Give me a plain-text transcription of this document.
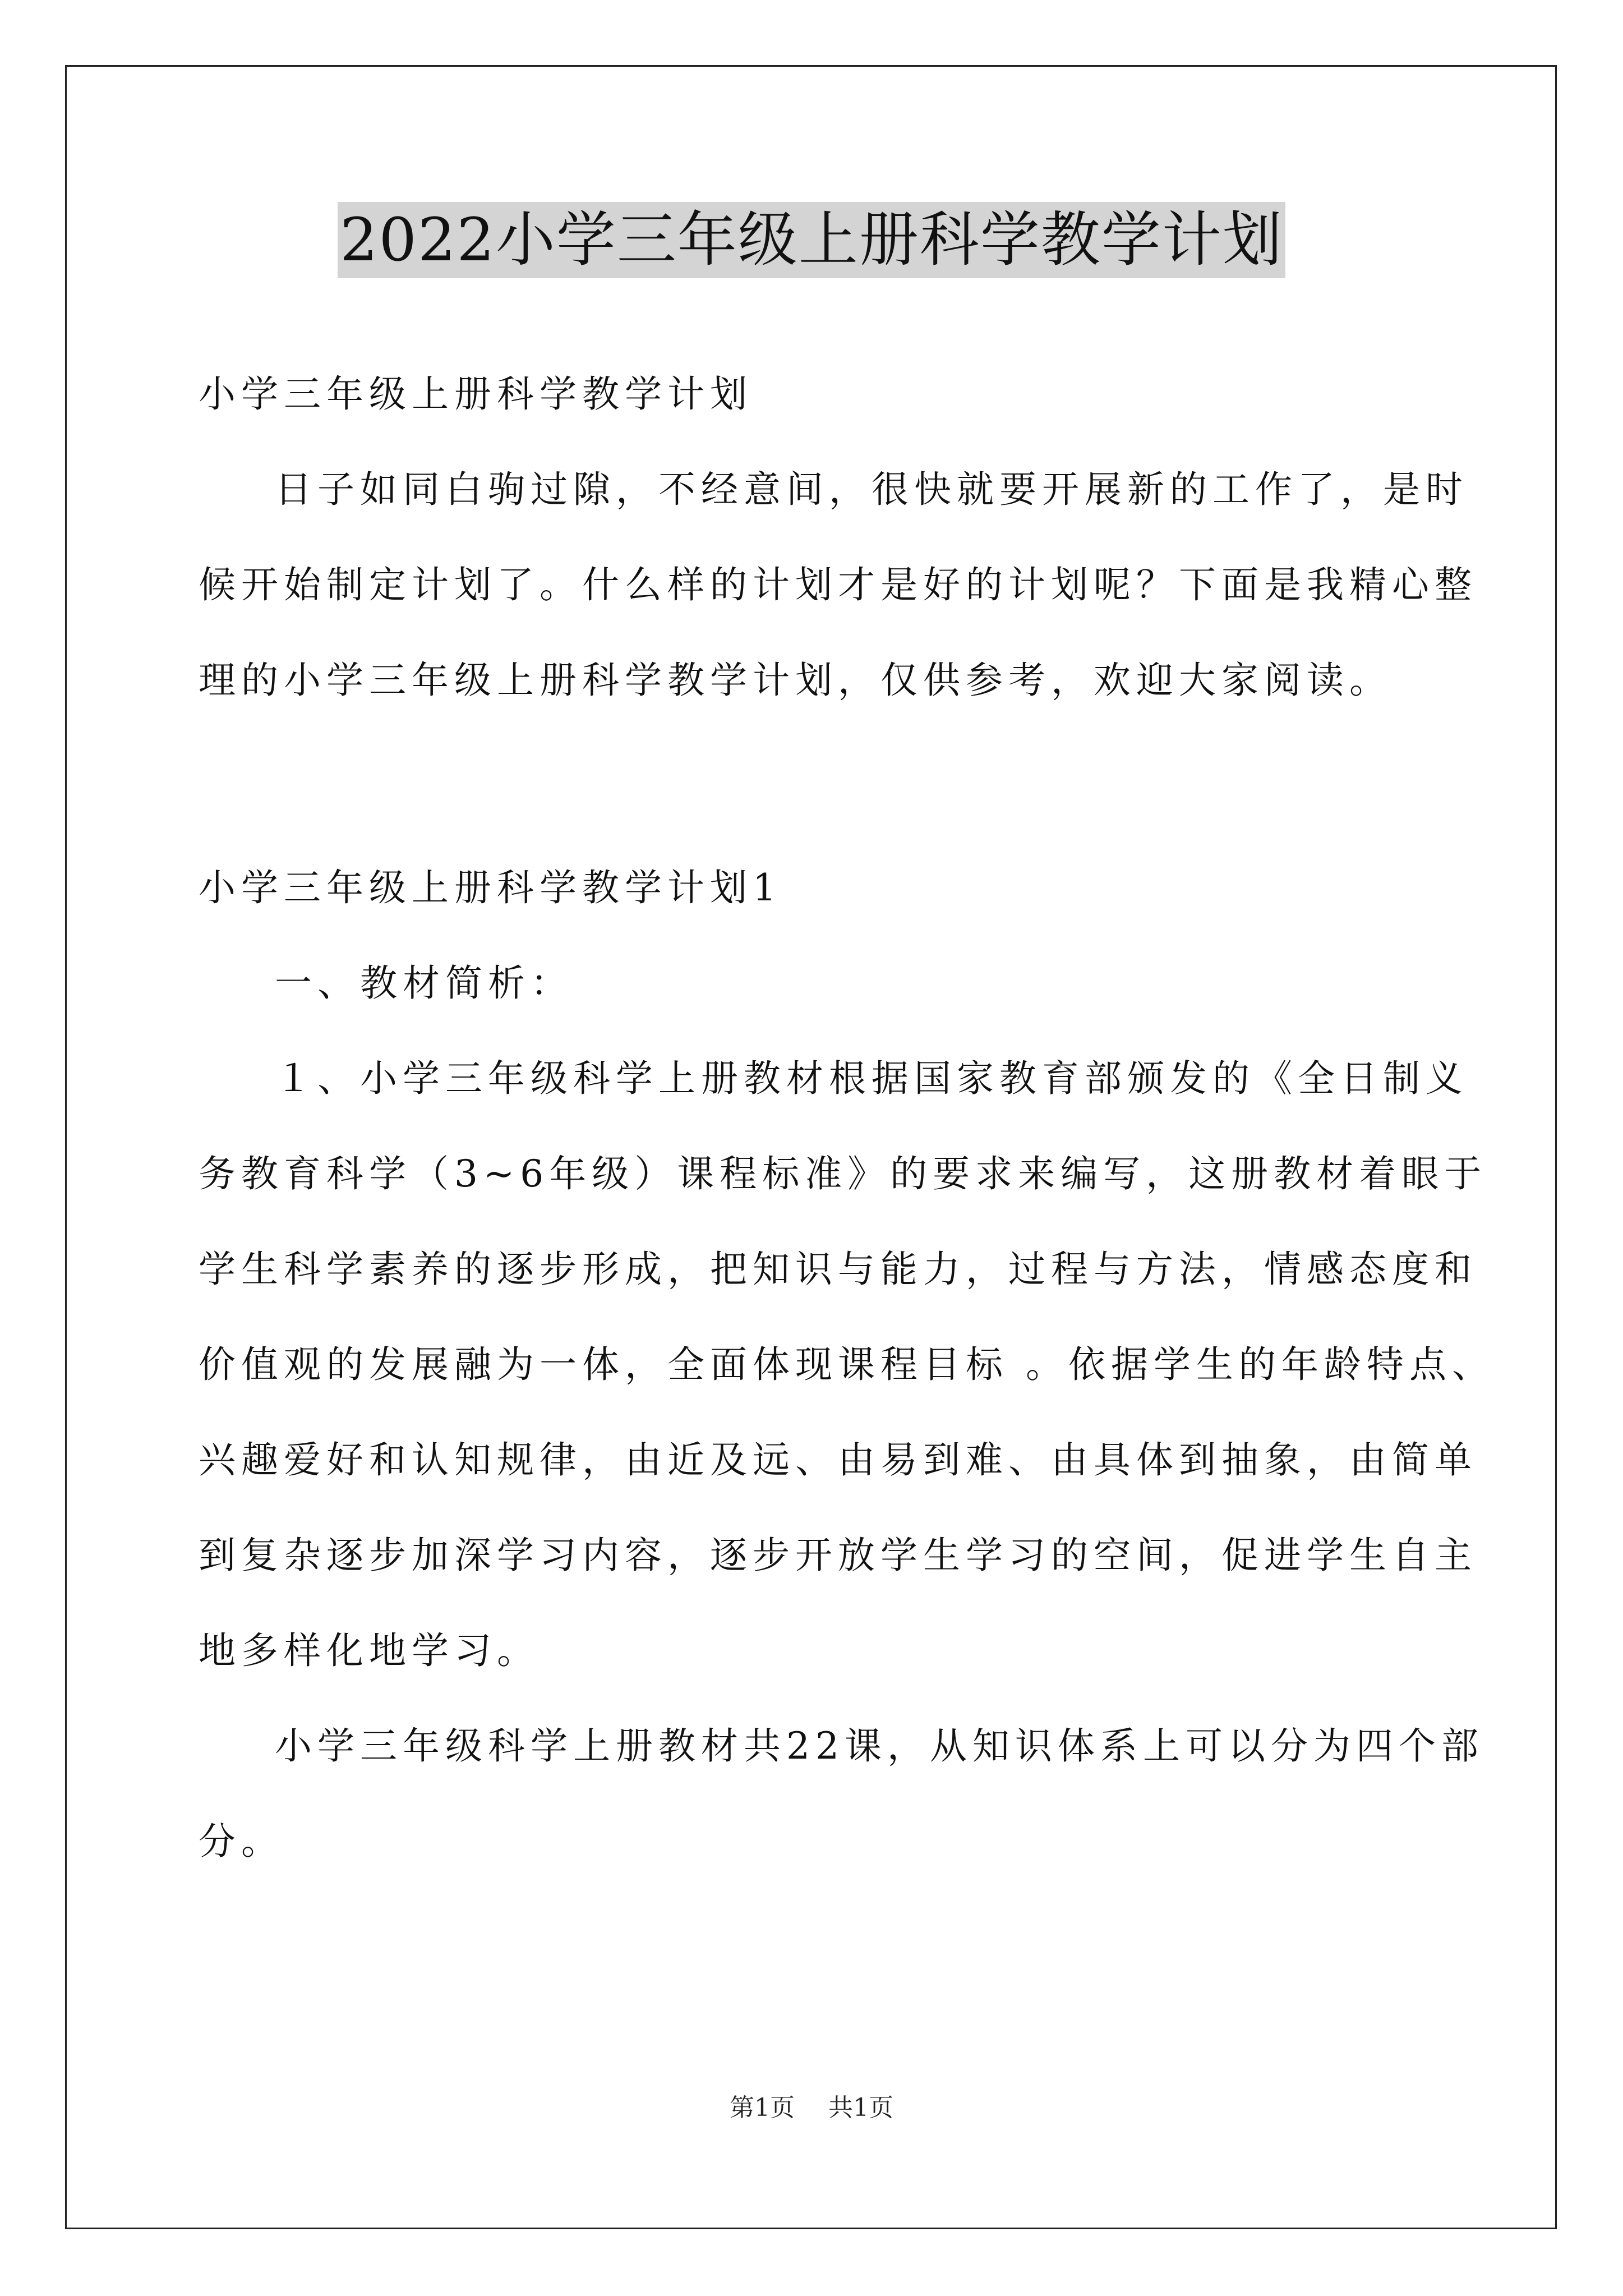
2022小学三年级上册科学教学计划
小学三年级上册科学教学计划
日子如同白驹过隙，不经意间，很快就要开展新的工作了，是时
候开始制定计划了。什么样的计划才是好的计划呢？下面是我精心整
理的小学三年级上册科学教学计划，仅供参考，欢迎大家阅读。
小学三年级上册科学教学计划1
一、教材简析：
１、小学三年级科学上册教材根据国家教育部颁发的《全日制义
务教育科学（3~6年级）课程标准》的要求来编写，这册教材着眼于
学生科学素养的逐步形成，把知识与能力，过程与方法，情感态度和
价值观的发展融为一体，全面体现课程目标 。依据学生的年龄特点、
兴趣爱好和认知规律，由近及远、由易到难、由具体到抽象，由简单
到复杂逐步加深学习内容，逐步开放学生学习的空间，促进学生自主
地多样化地学习。
小学三年级科学上册教材共22课，从知识体系上可以分为四个部
分。
第1页 共1页
